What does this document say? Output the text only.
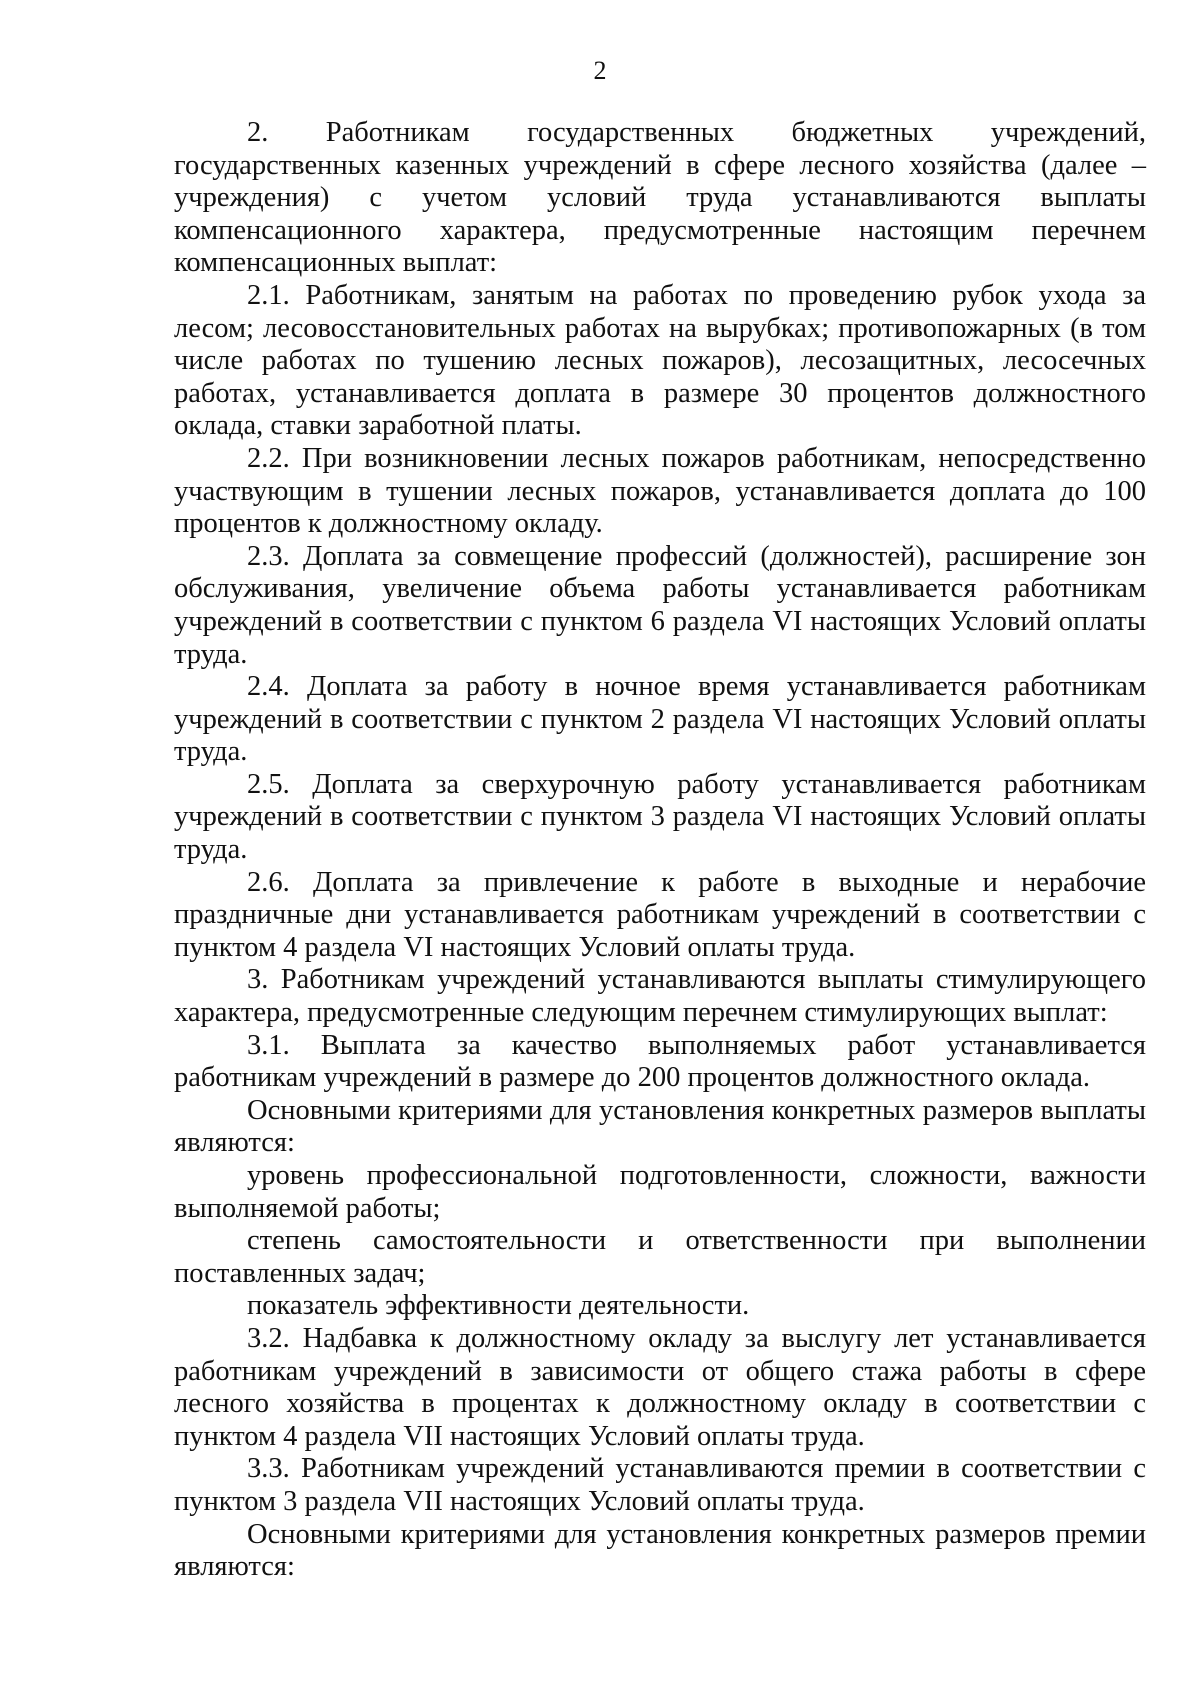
2

2. Работникам государственных бюджетных учреждений, государственных казенных учреждений в сфере лесного хозяйства (далее – учреждения) с учетом условий труда устанавливаются выплаты компенсационного характера, предусмотренные настоящим перечнем компенсационных выплат:

2.1. Работникам, занятым на работах по проведению рубок ухода за лесом; лесовосстановительных работах на вырубках; противопожарных (в том числе работах по тушению лесных пожаров), лесозащитных, лесосечных работах, устанавливается доплата в размере 30 процентов должностного оклада, ставки заработной платы.

2.2. При возникновении лесных пожаров работникам, непосредственно участвующим в тушении лесных пожаров, устанавливается доплата до 100 процентов к должностному окладу.

2.3. Доплата за совмещение профессий (должностей), расширение зон обслуживания, увеличение объема работы устанавливается работникам учреждений в соответствии с пунктом 6 раздела VI настоящих Условий оплаты труда.

2.4. Доплата за работу в ночное время устанавливается работникам учреждений в соответствии с пунктом 2 раздела VI настоящих Условий оплаты труда.

2.5. Доплата за сверхурочную работу устанавливается работникам учреждений в соответствии с пунктом 3 раздела VI настоящих Условий оплаты труда.

2.6. Доплата за привлечение к работе в выходные и нерабочие праздничные дни устанавливается работникам учреждений в соответствии с пунктом 4 раздела VI настоящих Условий оплаты труда.

3. Работникам учреждений устанавливаются выплаты стимулирующего характера, предусмотренные следующим перечнем стимулирующих выплат:

3.1. Выплата за качество выполняемых работ устанавливается работникам учреждений в размере до 200 процентов должностного оклада.

Основными критериями для установления конкретных размеров выплаты являются:

уровень профессиональной подготовленности, сложности, важности выполняемой работы;

степень самостоятельности и ответственности при выполнении поставленных задач;

показатель эффективности деятельности.

3.2. Надбавка к должностному окладу за выслугу лет устанавливается работникам учреждений в зависимости от общего стажа работы в сфере лесного хозяйства в процентах к должностному окладу в соответствии с пунктом 4 раздела VII настоящих Условий оплаты труда.

3.3. Работникам учреждений устанавливаются премии в соответствии с пунктом 3 раздела VII настоящих Условий оплаты труда.

Основными критериями для установления конкретных размеров премии являются:
